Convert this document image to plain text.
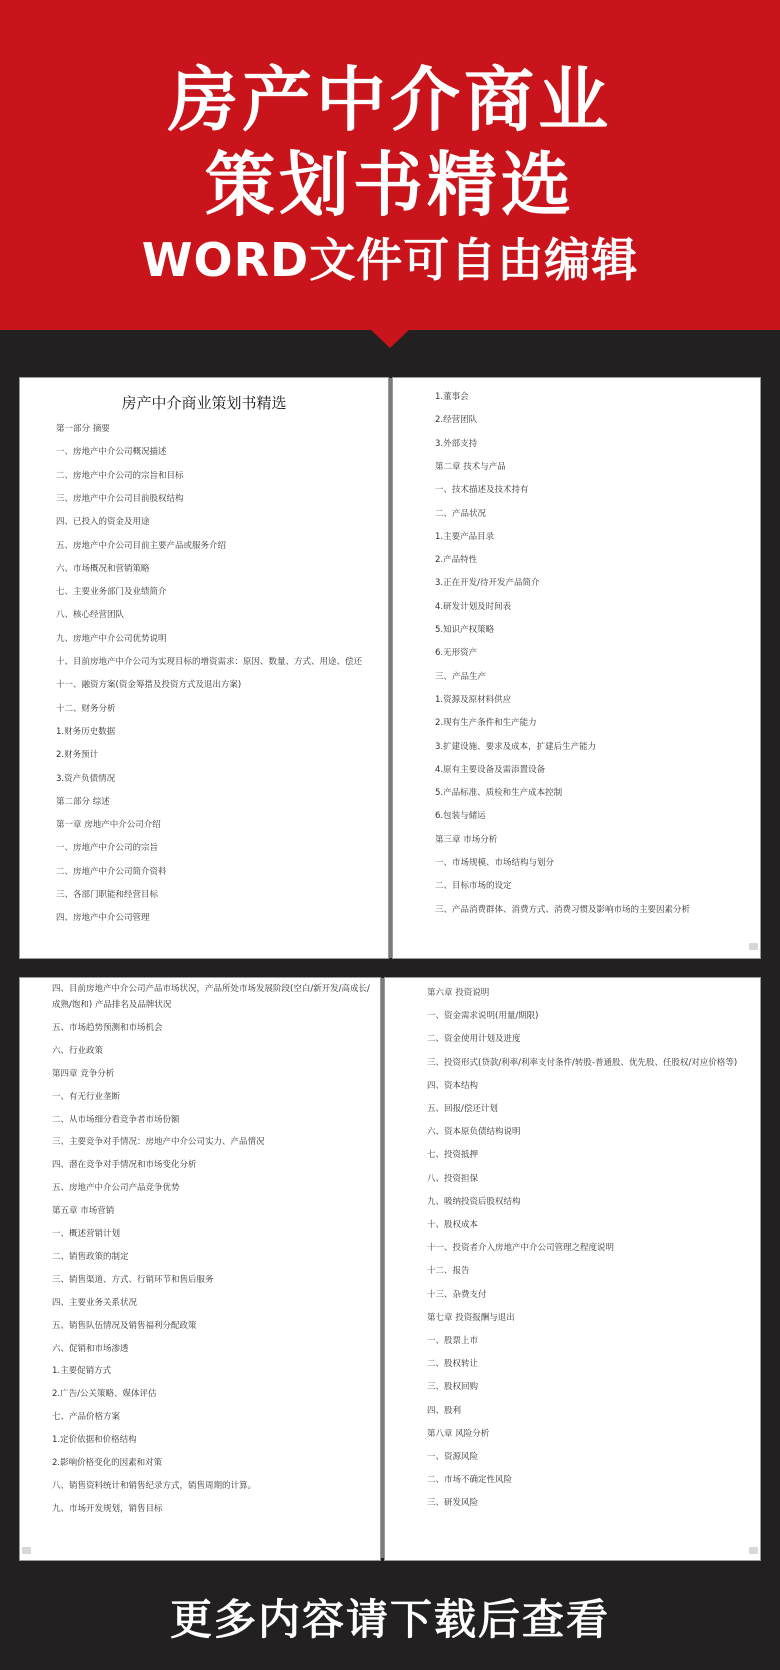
房产中介商业
策划书精选
WORD文件可自由编辑
房产中介商业策划书精选
第一部分 摘要
一、房地产中介公司概况描述
二、房地产中介公司的宗旨和目标
三、房地产中介公司目前股权结构
四、已投入的资金及用途
五、房地产中介公司目前主要产品或服务介绍
六、市场概况和营销策略
七、主要业务部门及业绩简介
八、核心经营团队
九、房地产中介公司优势说明
十、目前房地产中介公司为实现目标的增资需求：原因、数量、方式、用途、偿还
十一、融资方案(资金筹措及投资方式及退出方案)
十二、财务分析
1.财务历史数据
2.财务预计
3.资产负债情况
第二部分 综述
第一章 房地产中介公司介绍
一、房地产中介公司的宗旨
二、房地产中介公司简介资料
三、各部门职能和经营目标
四、房地产中介公司管理
1.董事会
2.经营团队
3.外部支持
第二章 技术与产品
一、技术描述及技术持有
二、产品状况
1.主要产品目录
2.产品特性
3.正在开发/待开发产品简介
4.研发计划及时间表
5.知识产权策略
6.无形资产
三、产品生产
1.资源及原材料供应
2.现有生产条件和生产能力
3.扩建设施、要求及成本，扩建后生产能力
4.原有主要设备及需添置设备
5.产品标准、质检和生产成本控制
6.包装与储运
第三章 市场分析
一、市场规模、市场结构与划分
二、目标市场的设定
三、产品消费群体、消费方式、消费习惯及影响市场的主要因素分析
四、目前房地产中介公司产品市场状况，产品所处市场发展阶段(空白/新开发/高成长/
成熟/饱和) 产品排名及品牌状况
五、市场趋势预测和市场机会
六、行业政策
第四章 竞争分析
一、有无行业垄断
二、从市场细分看竞争者市场份额
三、主要竞争对手情况：房地产中介公司实力、产品情况
四、潜在竞争对手情况和市场变化分析
五、房地产中介公司产品竞争优势
第五章 市场营销
一、概述营销计划
二、销售政策的制定
三、销售渠道、方式、行销环节和售后服务
四、主要业务关系状况
五、销售队伍情况及销售福利分配政策
六、促销和市场渗透
1.主要促销方式
2.广告/公关策略、媒体评估
七、产品价格方案
1.定价依据和价格结构
2.影响价格变化的因素和对策
八、销售资料统计和销售纪录方式，销售周期的计算。
九、市场开发规划，销售目标
第六章 投资说明
一、资金需求说明(用量/期限)
二、资金使用计划及进度
三、投资形式(贷款/利率/利率支付条件/转股-普通股、优先股、任股权/对应价格等)
四、资本结构
五、回报/偿还计划
六、资本原负债结构说明
七、投资抵押
八、投资担保
九、吸纳投资后股权结构
十、股权成本
十一、投资者介入房地产中介公司管理之程度说明
十二、报告
十三、杂费支付
第七章 投资报酬与退出
一、股票上市
二、股权转让
三、股权回购
四、股利
第八章 风险分析
一、资源风险
二、市场不确定性风险
三、研发风险
更多内容请下载后查看
